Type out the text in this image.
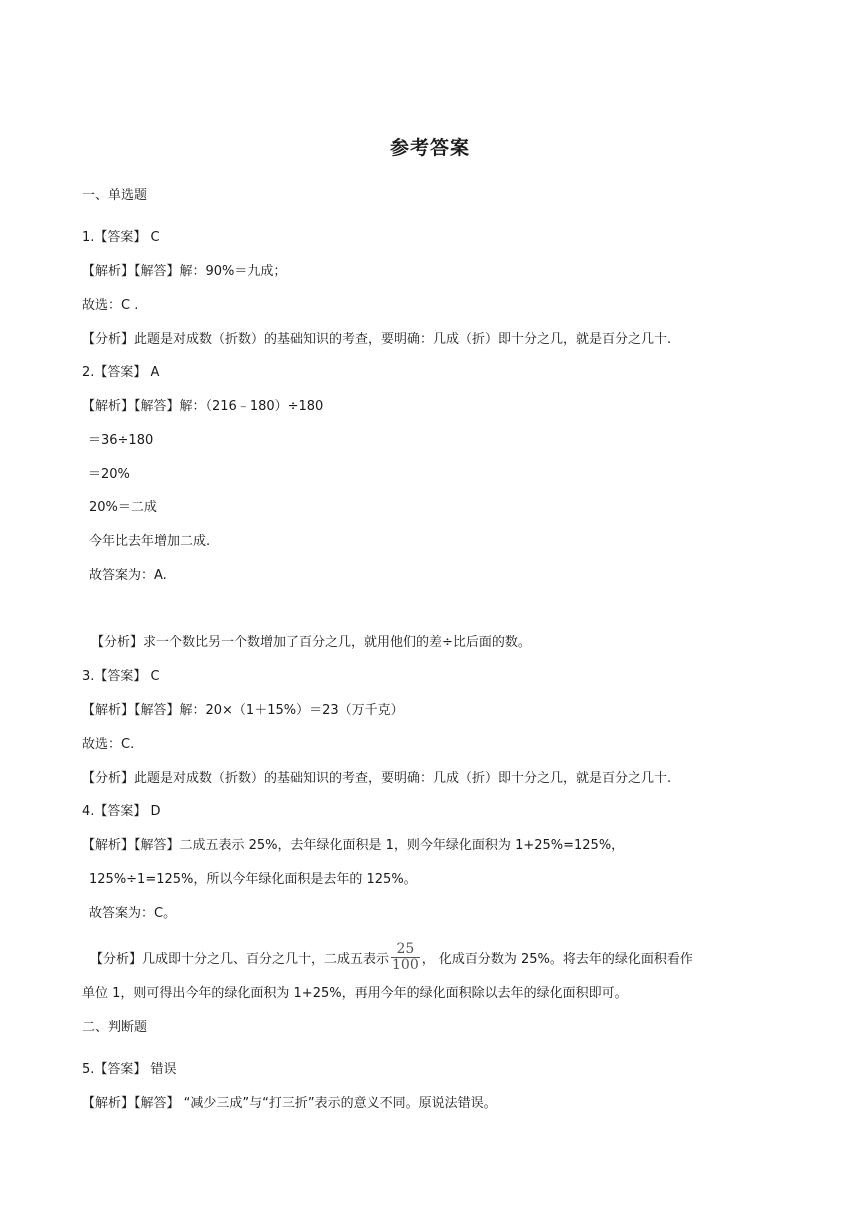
参考答案
一、单选题
1.【答案】 C
【解析】【解答】解：90%＝九成；
故选：C .
【分析】此题是对成数（折数）的基础知识的考查，要明确：几成（折）即十分之几，就是百分之几十.
2.【答案】 A
【解析】【解答】解：（216﹣180）÷180
＝36÷180
＝20%
20%＝二成
今年比去年增加二成.
故答案为：A.
【分析】求一个数比另一个数增加了百分之几，就用他们的差÷比后面的数。
3.【答案】 C
【解析】【解答】解：20×（1＋15%）＝23（万千克）
故选：C.
【分析】此题是对成数（折数）的基础知识的考查，要明确：几成（折）即十分之几，就是百分之几十.
4.【答案】 D
【解析】【解答】二成五表示 25%，去年绿化面积是 1，则今年绿化面积为 1+25%=125%，
125%÷1=125%，所以今年绿化面积是去年的 125%。
故答案为：C。
【分析】几成即十分之几、百分之几十，二成五表示 $\frac{25}{100}$ ， 化成百分数为 25%。将去年的绿化面积看作
单位 1，则可得出今年的绿化面积为 1+25%，再用今年的绿化面积除以去年的绿化面积即可。
二、判断题
5.【答案】 错误
【解析】【解答】 “减少三成”与“打三折”表示的意义不同。原说法错误。
